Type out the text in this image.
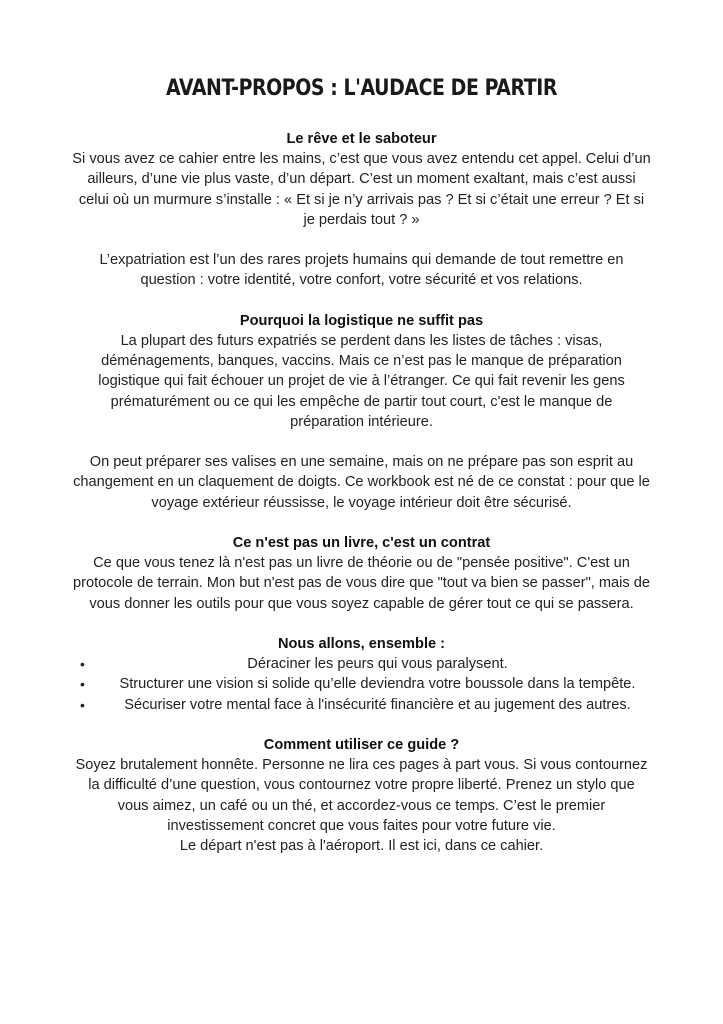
AVANT-PROPOS : L'AUDACE DE PARTIR
Le rêve et le saboteur

Si vous avez ce cahier entre les mains, c’est que vous avez entendu cet appel. Celui d’un ailleurs, d’une vie plus vaste, d’un départ. C’est un moment exaltant, mais c’est aussi celui où un murmure s’installe : « Et si je n’y arrivais pas ? Et si c’était une erreur ? Et si je perdais tout ? »

L’expatriation est l’un des rares projets humains qui demande de tout remettre en question : votre identité, votre confort, votre sécurité et vos relations.

Pourquoi la logistique ne suffit pas

La plupart des futurs expatriés se perdent dans les listes de tâches : visas, déménagements, banques, vaccins. Mais ce n’est pas le manque de préparation logistique qui fait échouer un projet de vie à l’étranger. Ce qui fait revenir les gens prématurément ou ce qui les empêche de partir tout court, c'est le manque de préparation intérieure.

On peut préparer ses valises en une semaine, mais on ne prépare pas son esprit au changement en un claquement de doigts. Ce workbook est né de ce constat : pour que le voyage extérieur réussisse, le voyage intérieur doit être sécurisé.

Ce n'est pas un livre, c'est un contrat

Ce que vous tenez là n'est pas un livre de théorie ou de "pensée positive". C'est un protocole de terrain. Mon but n'est pas de vous dire que "tout va bien se passer", mais de vous donner les outils pour que vous soyez capable de gérer tout ce qui se passera.

Nous allons, ensemble :
•	Déraciner les peurs qui vous paralysent.
•	Structurer une vision si solide qu’elle deviendra votre boussole dans la tempête.
•	Sécuriser votre mental face à l'insécurité financière et au jugement des autres.
Comment utiliser ce guide ?

Soyez brutalement honnête. Personne ne lira ces pages à part vous. Si vous contournez la difficulté d’une question, vous contournez votre propre liberté. Prenez un stylo que vous aimez, un café ou un thé, et accordez-vous ce temps. C’est le premier investissement concret que vous faites pour votre future vie.

Le départ n'est pas à l'aéroport. Il est ici, dans ce cahier.
